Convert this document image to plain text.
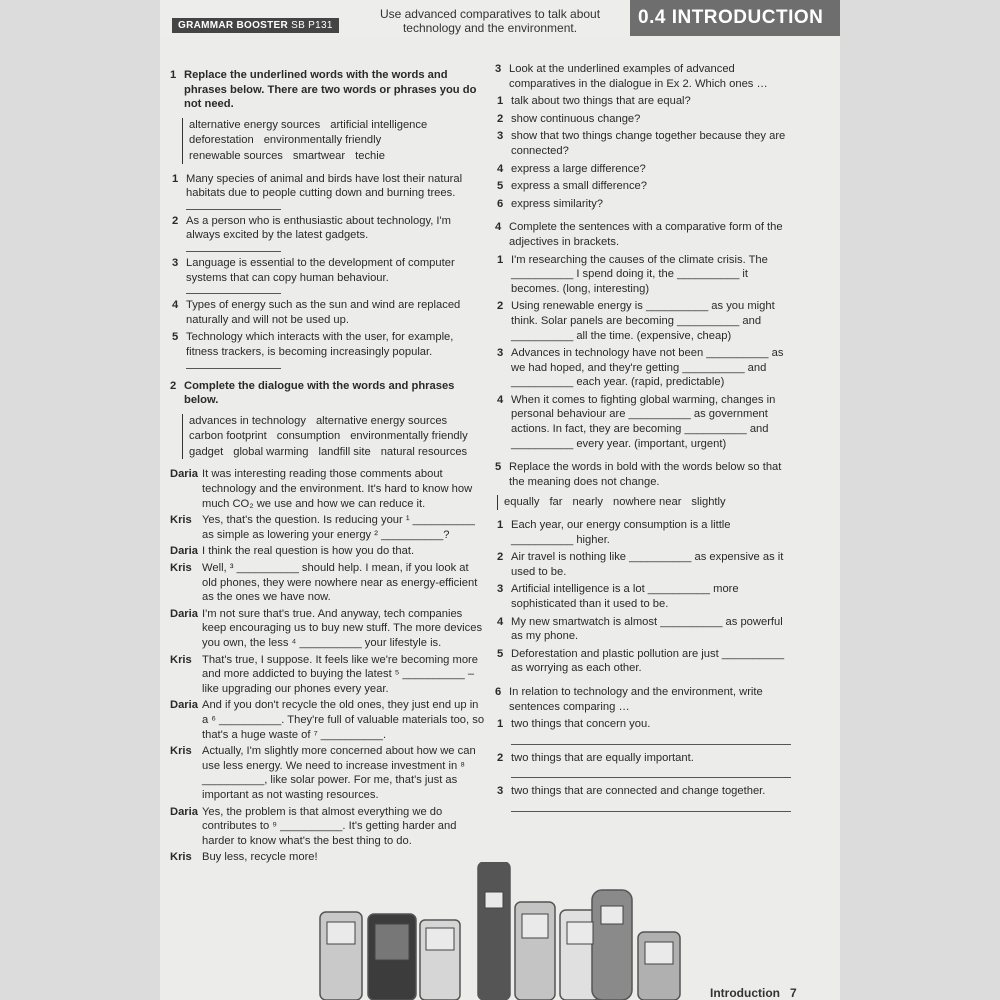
GRAMMAR BOOSTER SB P131
Use advanced comparatives to talk about technology and the environment.	0.4 INTRODUCTION
1 Replace the underlined words with the words and phrases below. There are two words or phrases you do not need.
alternative energy sources artificial intelligence
deforestation environmentally friendly
renewable sources smartwear techie
1 Many species of animal and birds have lost their natural habitats due to people cutting down and burning trees.
2 As a person who is enthusiastic about technology, I'm always excited by the latest gadgets.
3 Language is essential to the development of computer systems that can copy human behaviour.
4 Types of energy such as the sun and wind are replaced naturally and will not be used up.
5 Technology which interacts with the user, for example, fitness trackers, is becoming increasingly popular.
2 Complete the dialogue with the words and phrases below.
advances in technology alternative energy sources
carbon footprint consumption environmentally friendly
gadget global warming landfill site natural resources
Daria It was interesting reading those comments about technology and the environment. It's hard to know how much CO₂ we use and how we can reduce it.
Kris Yes, that's the question. Is reducing your ¹ __________ as simple as lowering your energy ² __________?
Daria I think the real question is how you do that.
Kris Well, ³ __________ should help. I mean, if you look at old phones, they were nowhere near as energy-efficient as the ones we have now.
Daria I'm not sure that's true. And anyway, tech companies keep encouraging us to buy new stuff. The more devices you own, the less ⁴ __________ your lifestyle is.
Kris That's true, I suppose. It feels like we're becoming more and more addicted to buying the latest ⁵ __________ – like upgrading our phones every year.
Daria And if you don't recycle the old ones, they just end up in a ⁶ __________. They're full of valuable materials too, so that's a huge waste of ⁷ __________.
Kris Actually, I'm slightly more concerned about how we can use less energy. We need to increase investment in ⁸ __________, like solar power. For me, that's just as important as not wasting resources.
Daria Yes, the problem is that almost everything we do contributes to ⁹ __________. It's getting harder and harder to know what's the best thing to do.
Kris Buy less, recycle more!
3 Look at the underlined examples of advanced comparatives in the dialogue in Ex 2. Which ones …
1 talk about two things that are equal?
2 show continuous change?
3 show that two things change together because they are connected?
4 express a large difference?
5 express a small difference?
6 express similarity?
4 Complete the sentences with a comparative form of the adjectives in brackets.
1 I'm researching the causes of the climate crisis. The __________ I spend doing it, the __________ it becomes. (long, interesting)
2 Using renewable energy is __________ as you might think. Solar panels are becoming __________ and __________ all the time. (expensive, cheap)
3 Advances in technology have not been __________ as we had hoped, and they're getting __________ and __________ each year. (rapid, predictable)
4 When it comes to fighting global warming, changes in personal behaviour are __________ as government actions. In fact, they are becoming __________ and __________ every year. (important, urgent)
5 Replace the words in bold with the words below so that the meaning does not change.
equally far nearly nowhere near slightly
1 Each year, our energy consumption is a little __________ higher.
2 Air travel is nothing like __________ as expensive as it used to be.
3 Artificial intelligence is a lot __________ more sophisticated than it used to be.
4 My new smartwatch is almost __________ as powerful as my phone.
5 Deforestation and plastic pollution are just __________ as worrying as each other.
6 In relation to technology and the environment, write sentences comparing …
1 two things that concern you.
2 two things that are equally important.
3 two things that are connected and change together.
Introduction 7
